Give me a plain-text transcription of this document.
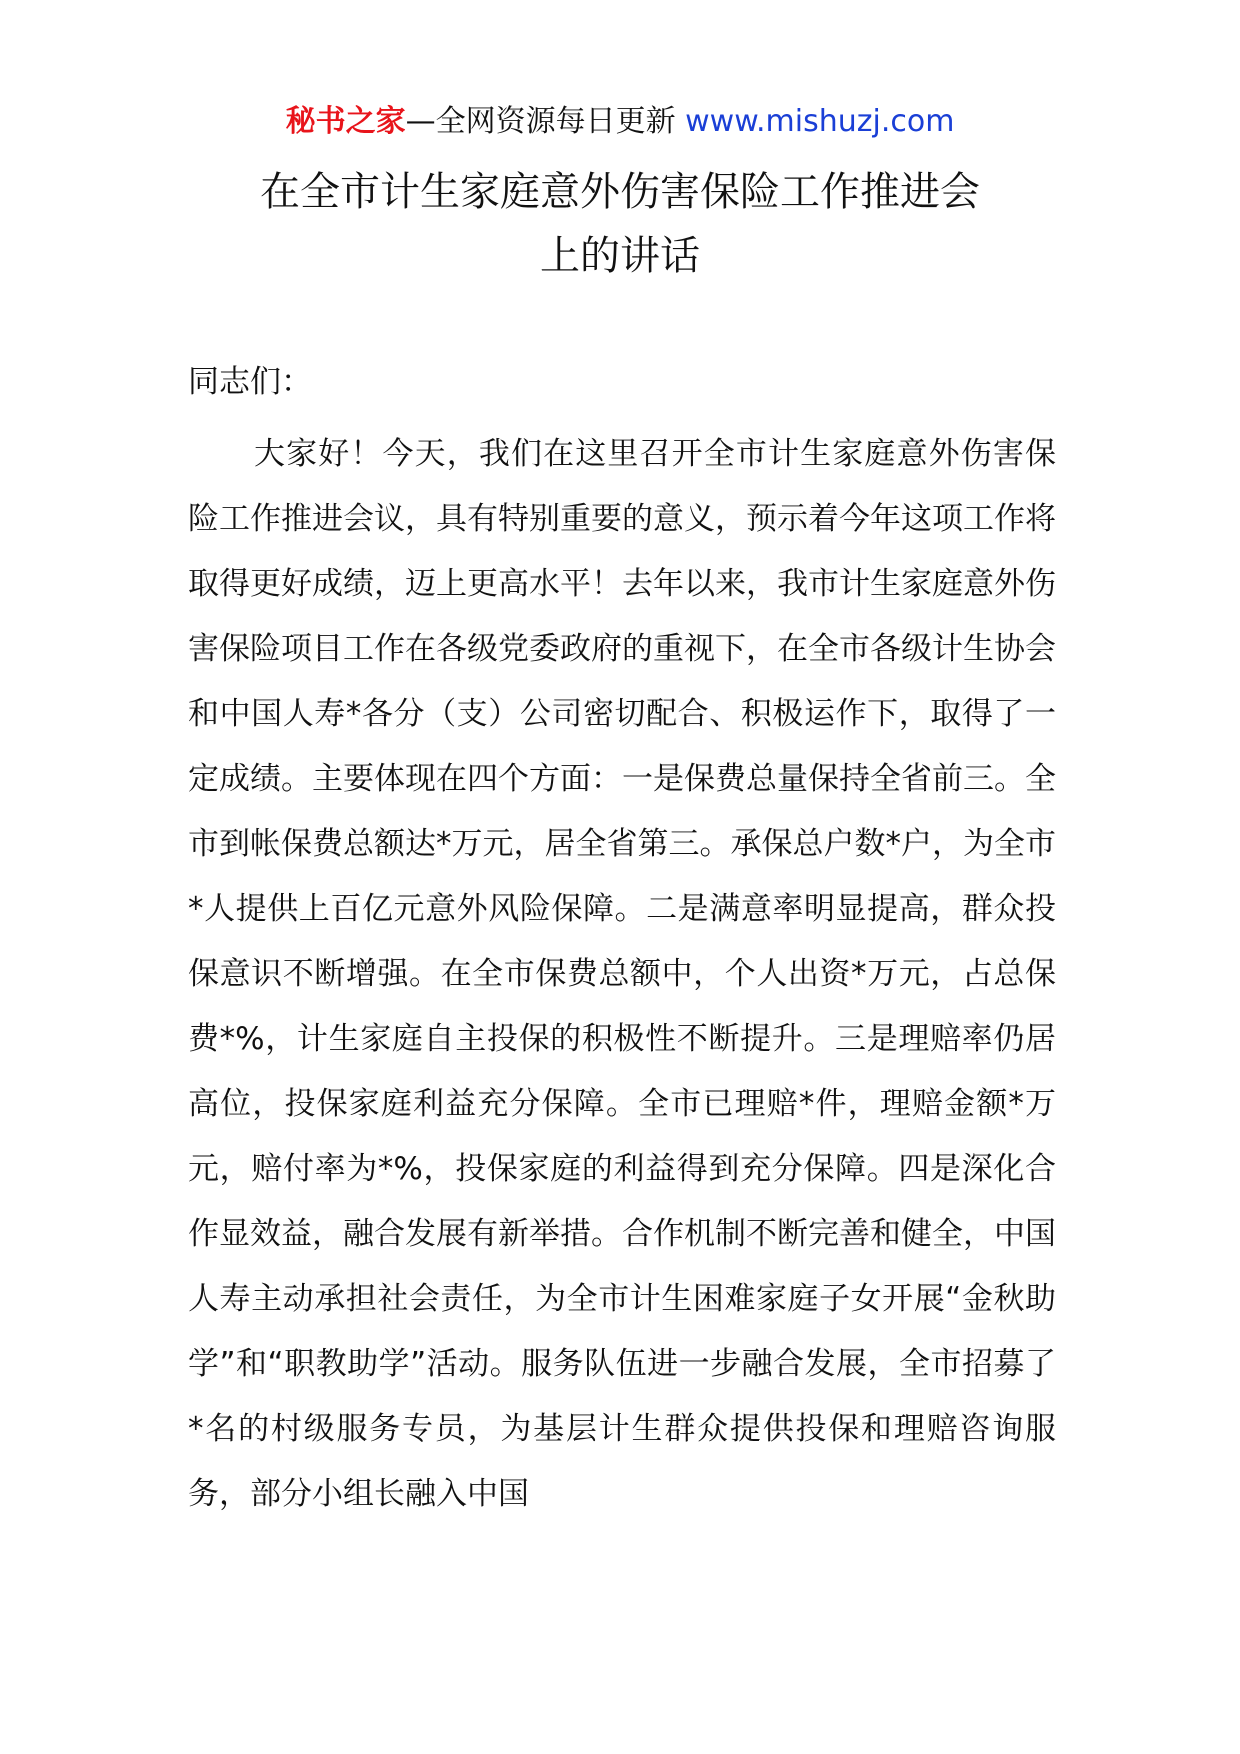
秘书之家—全网资源每日更新 www.mishuzj.com
在全市计生家庭意外伤害保险工作推进会
上的讲话

同志们：

大家好！今天，我们在这里召开全市计生家庭意外伤害保险工作推进会议，具有特别重要的意义，预示着今年这项工作将取得更好成绩，迈上更高水平！去年以来，我市计生家庭意外伤害保险项目工作在各级党委政府的重视下，在全市各级计生协会和中国人寿*各分（支）公司密切配合、积极运作下，取得了一定成绩。主要体现在四个方面：一是保费总量保持全省前三。全市到帐保费总额达*万元，居全省第三。承保总户数*户，为全市*人提供上百亿元意外风险保障。二是满意率明显提高，群众投保意识不断增强。在全市保费总额中，个人出资*万元，占总保费*%，计生家庭自主投保的积极性不断提升。三是理赔率仍居高位，投保家庭利益充分保障。全市已理赔*件，理赔金额*万元，赔付率为*%，投保家庭的利益得到充分保障。四是深化合作显效益，融合发展有新举措。合作机制不断完善和健全，中国人寿主动承担社会责任，为全市计生困难家庭子女开展“金秋助学”和“职教助学”活动。服务队伍进一步融合发展，全市招募了*名的村级服务专员，为基层计生群众提供投保和理赔咨询服务，部分小组长融入中国
